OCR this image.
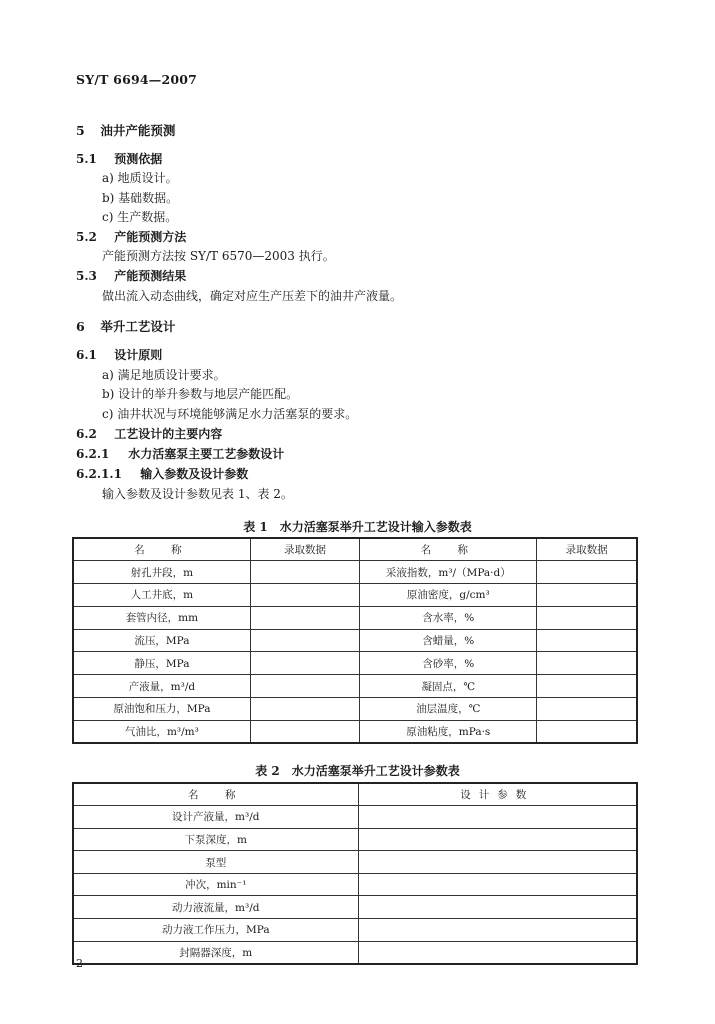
SY/T 6694—2007
5 油井产能预测
5.1 预测依据
a) 地质设计。
b) 基础数据。
c) 生产数据。
5.2 产能预测方法
产能预测方法按 SY/T 6570—2003 执行。
5.3 产能预测结果
做出流入动态曲线，确定对应生产压差下的油井产液量。
6 举升工艺设计
6.1 设计原则
a) 满足地质设计要求。
b) 设计的举升参数与地层产能匹配。
c) 油井状况与环境能够满足水力活塞泵的要求。
6.2 工艺设计的主要内容
6.2.1 水力活塞泵主要工艺参数设计
6.2.1.1 输入参数及设计参数
输入参数及设计参数见表 1、表 2。
表 1　水力活塞泵举升工艺设计输入参数表
名　称	录取数据	名　称	录取数据
射孔井段，m		采液指数，m³/（MPa·d）	
人工井底，m		原油密度，g/cm³	
套管内径，mm		含水率，%	
流压，MPa		含蜡量，%	
静压，MPa		含砂率，%	
产液量，m³/d		凝固点，℃	
原油饱和压力，MPa		油层温度，℃	
气油比，m³/m³		原油粘度，mPa·s	
表 2　水力活塞泵举升工艺设计参数表
名　称	设计参数
设计产液量，m³/d	
下泵深度，m	
泵型	
冲次，min⁻¹	
动力液流量，m³/d	
动力液工作压力，MPa	
封隔器深度，m	
2
